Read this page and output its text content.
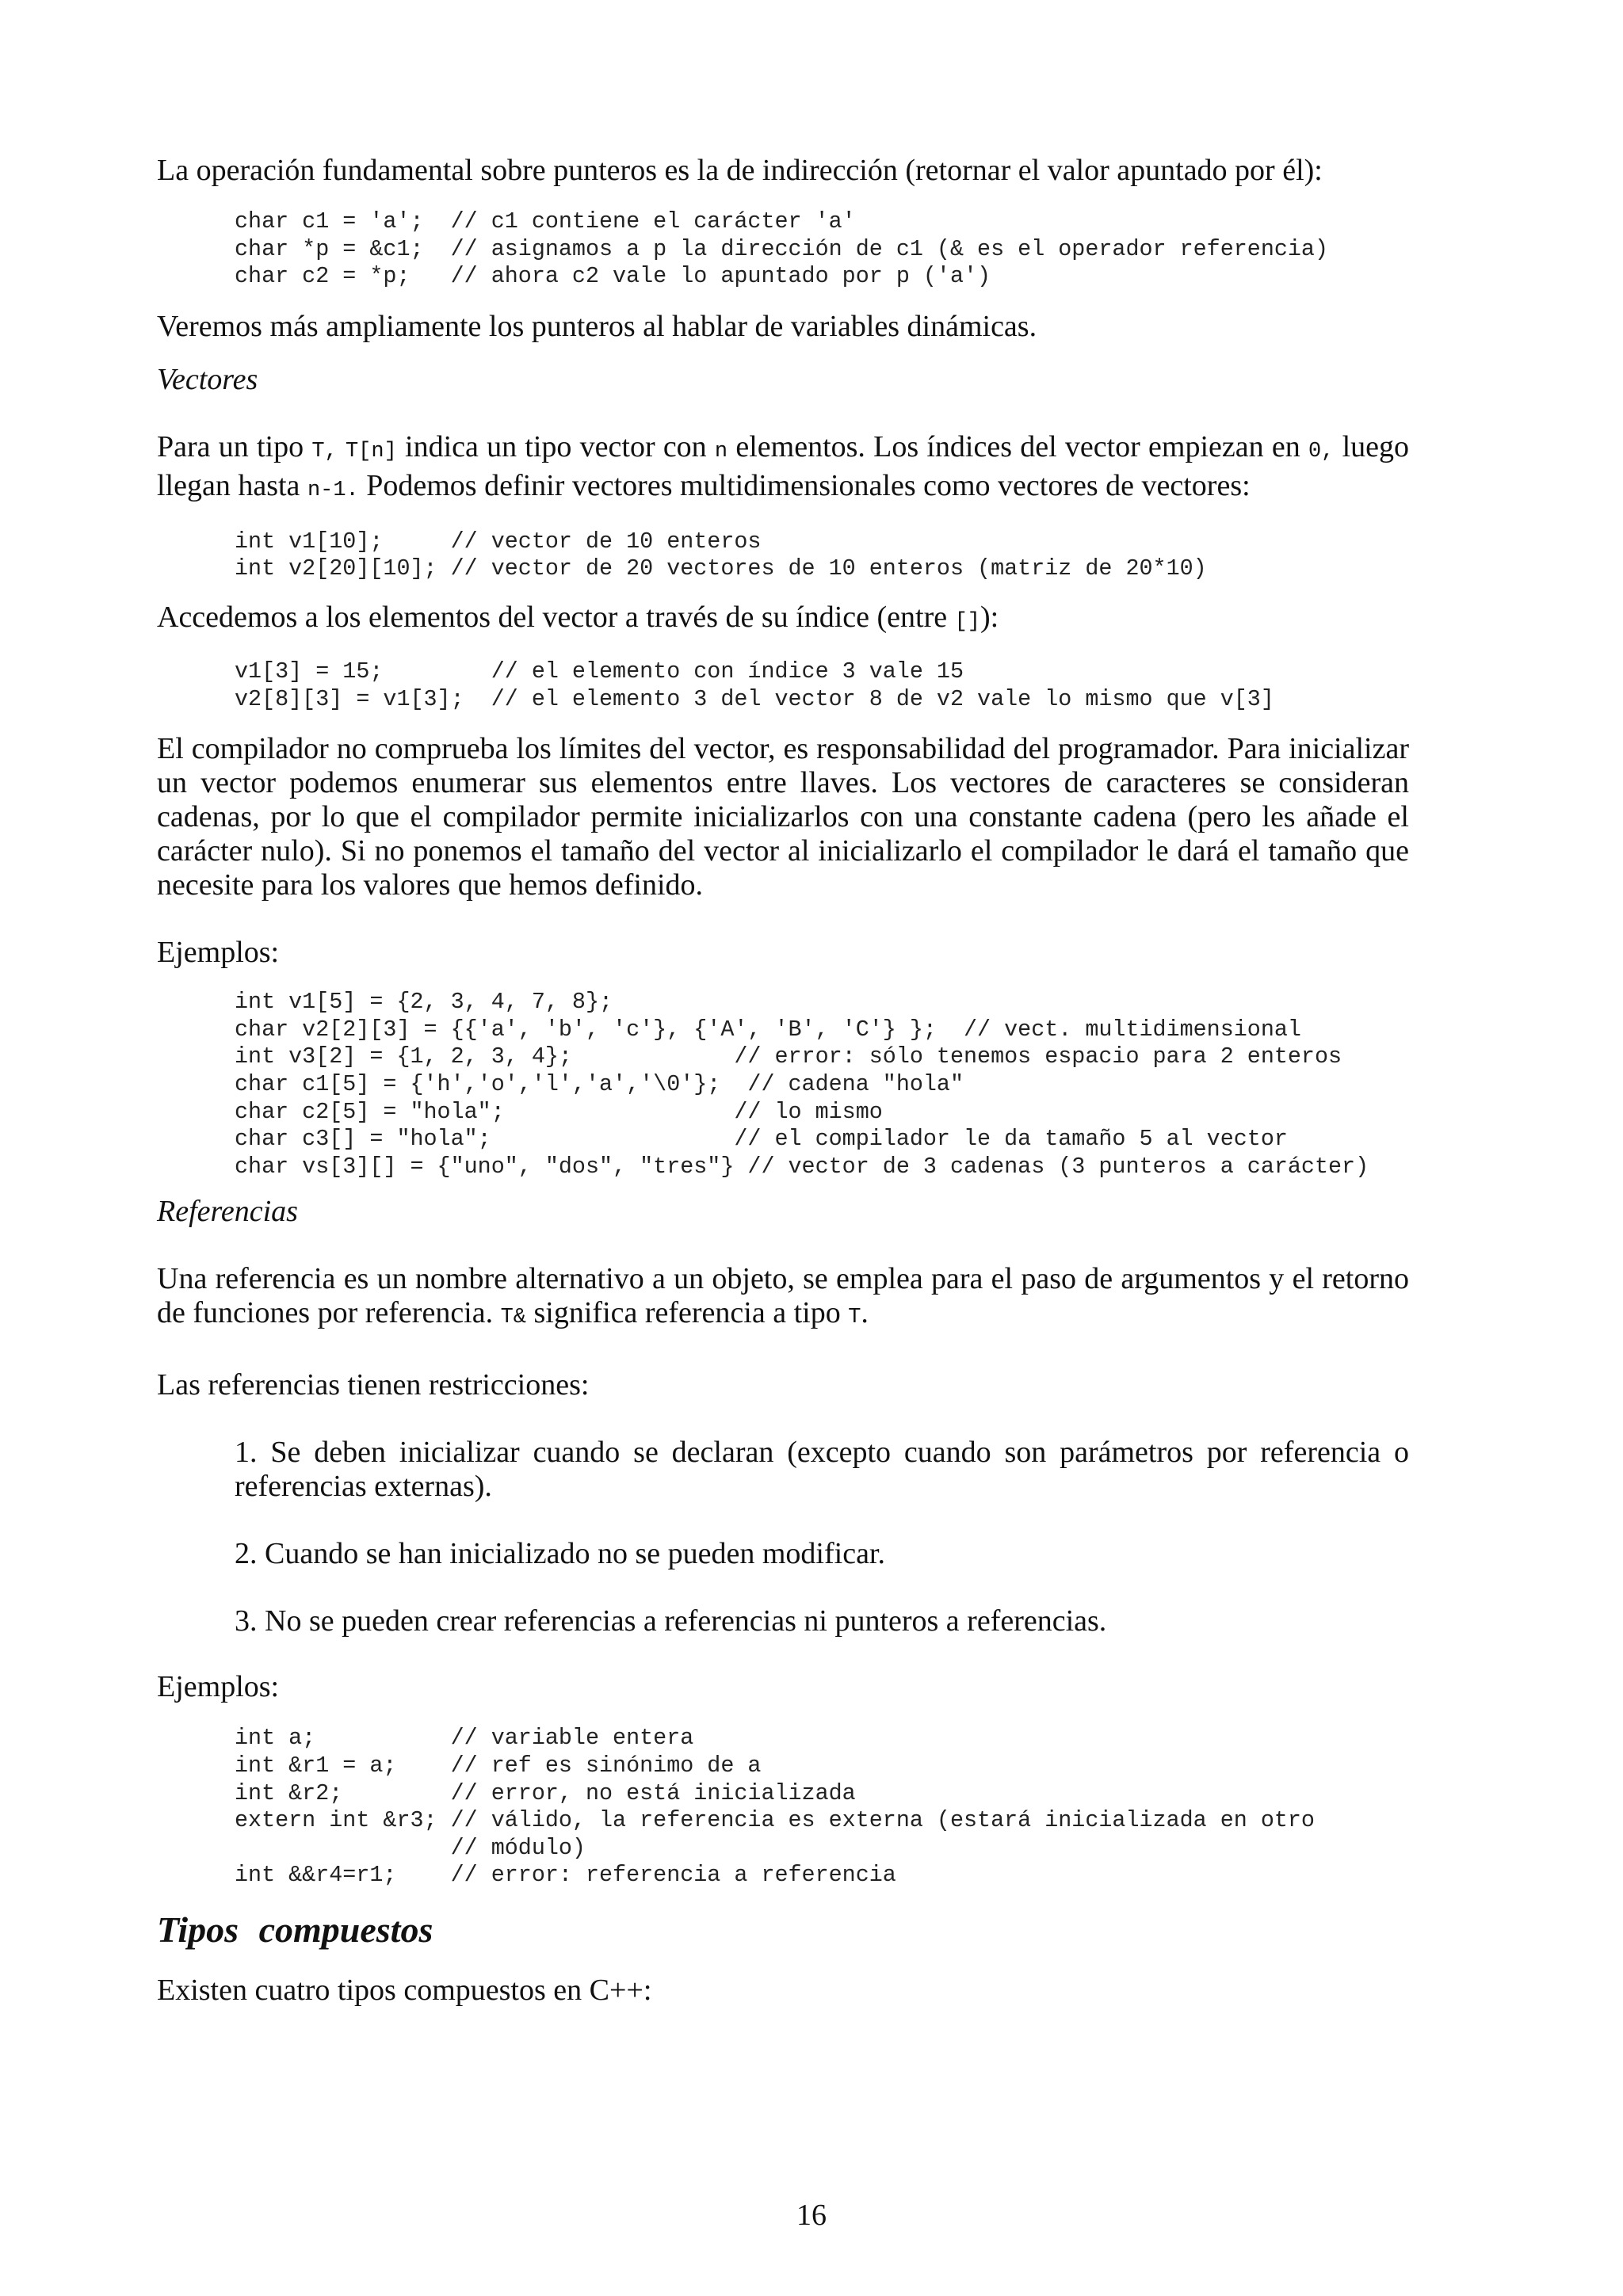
La operación fundamental sobre punteros es la de indirección (retornar el valor apuntado por él):

char c1 = 'a';  // c1 contiene el carácter 'a'
char *p = &c1;  // asignamos a p la dirección de c1 (& es el operador referencia)
char c2 = *p;   // ahora c2 vale lo apuntado por p ('a')

Veremos más ampliamente los punteros al hablar de variables dinámicas.

Vectores

Para un tipo T, T[n] indica un tipo vector con n elementos. Los índices del vector empiezan en 0, luego llegan hasta n-1. Podemos definir vectores multidimensionales como vectores de vectores:

int v1[10];     // vector de 10 enteros
int v2[20][10]; // vector de 20 vectores de 10 enteros (matriz de 20*10)

Accedemos a los elementos del vector a través de su índice (entre []):

v1[3] = 15;        // el elemento con índice 3 vale 15
v2[8][3] = v1[3];  // el elemento 3 del vector 8 de v2 vale lo mismo que v[3]

El compilador no comprueba los límites del vector, es responsabilidad del programador. Para inicializar un vector podemos enumerar sus elementos entre llaves. Los vectores de caracteres se consideran cadenas, por lo que el compilador permite inicializarlos con una constante cadena (pero les añade el carácter nulo). Si no ponemos el tamaño del vector al inicializarlo el compilador le dará el tamaño que necesite para los valores que hemos definido.

Ejemplos:

int v1[5] = {2, 3, 4, 7, 8};
char v2[2][3] = {{'a', 'b', 'c'}, {'A', 'B', 'C'} };  // vect. multidimensional
int v3[2] = {1, 2, 3, 4};            // error: sólo tenemos espacio para 2 enteros
char c1[5] = {'h','o','l','a','\0'};  // cadena "hola"
char c2[5] = "hola";                 // lo mismo
char c3[] = "hola";                  // el compilador le da tamaño 5 al vector
char vs[3][] = {"uno", "dos", "tres"} // vector de 3 cadenas (3 punteros a carácter)

Referencias

Una referencia es un nombre alternativo a un objeto, se emplea para el paso de argumentos y el retorno de funciones por referencia. T& significa referencia a tipo T.

Las referencias tienen restricciones:

1. Se deben inicializar cuando se declaran (excepto cuando son parámetros por referencia o referencias externas).

2. Cuando se han inicializado no se pueden modificar.

3. No se pueden crear referencias a referencias ni punteros a referencias.

Ejemplos:

int a;          // variable entera
int &r1 = a;    // ref es sinónimo de a
int &r2;        // error, no está inicializada
extern int &r3; // válido, la referencia es externa (estará inicializada en otro
// módulo)
int &&r4=r1;    // error: referencia a referencia
Tipos compuestos

Existen cuatro tipos compuestos en C++:

16
